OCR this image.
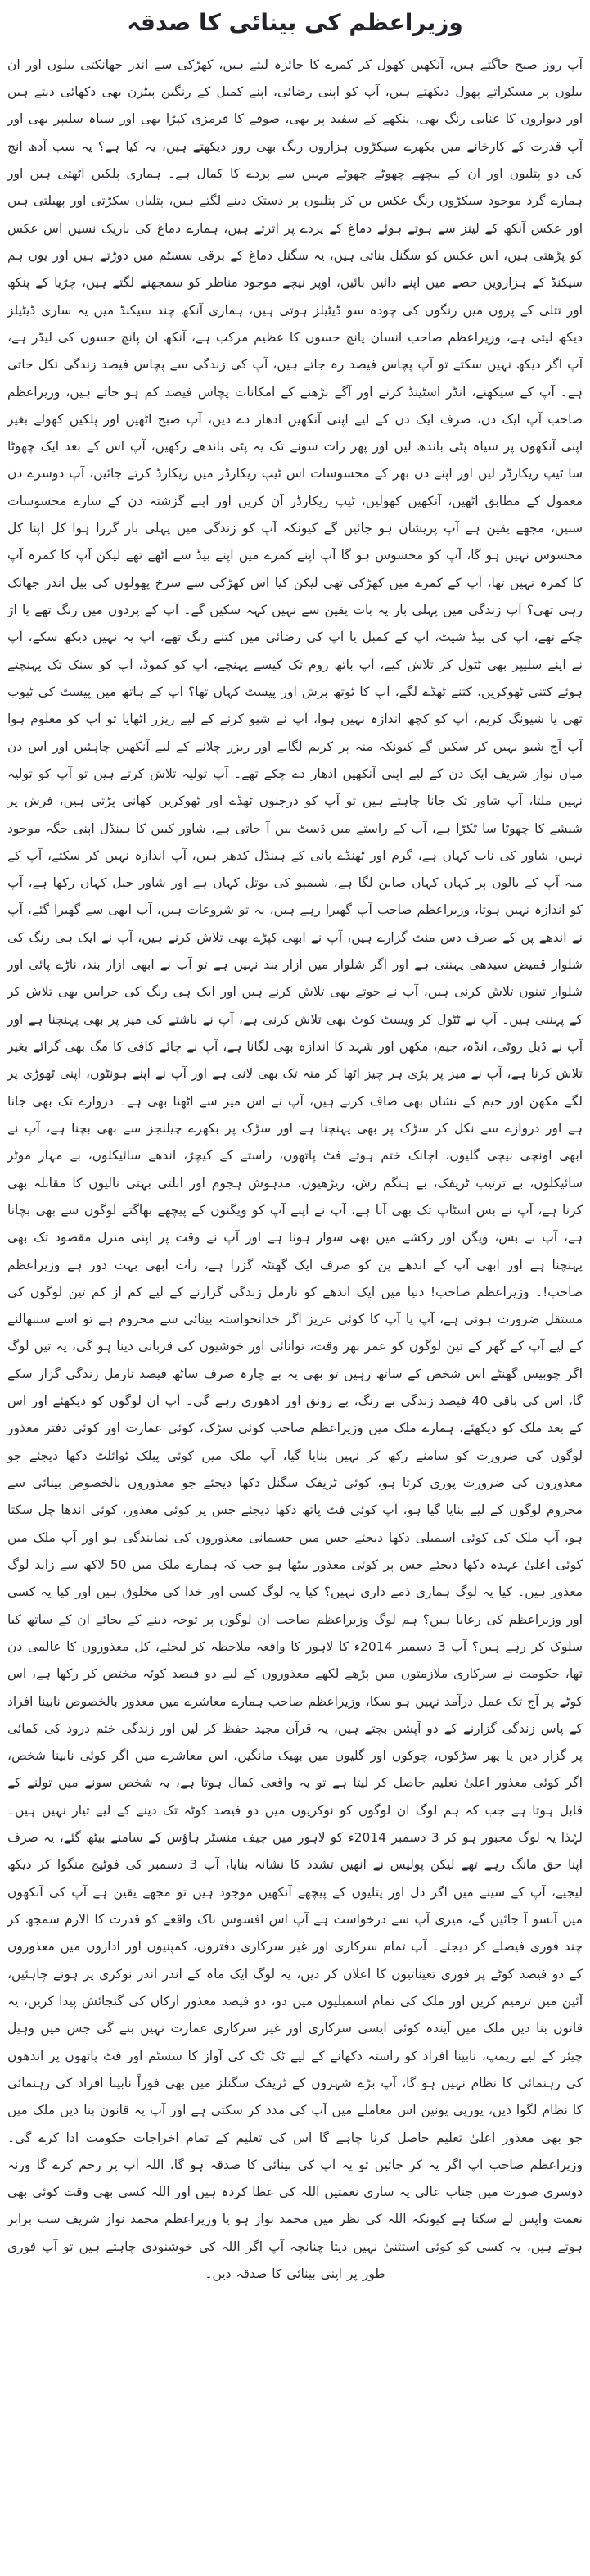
وزیراعظم کی بینائی کا صدقہ
آپ روز صبح جاگتے ہیں، آنکھیں کھول کر کمرے کا جائزہ لیتے ہیں، کھڑکی سے اندر جھانکتی بیلوں اور ان بیلوں پر مسکراتے پھول دیکھتے ہیں، آپ کو اپنی رضائی، اپنے کمبل کے رنگین پیٹرن بھی دکھائی دیتے ہیں اور دیواروں کا عنابی رنگ بھی، پنکھے کے سفید پر بھی، صوفے کا قرمزی کپڑا بھی اور سیاہ سلیپر بھی اور آپ قدرت کے کارخانے میں بکھرے سیکڑوں ہزاروں رنگ بھی روز دیکھتے ہیں، یہ کیا ہے؟ یہ سب آدھ انچ کی دو پتلیوں اور ان کے پیچھے چھوٹے چھوٹے مہین سے پردے کا کمال ہے۔ ہماری پلکیں اٹھتی ہیں اور ہمارے گرد موجود سیکڑوں رنگ عکس بن کر پتلیوں پر دستک دینے لگتے ہیں، پتلیاں سکڑتی اور پھیلتی ہیں اور عکس آنکھ کے لینز سے ہوتے ہوئے دماغ کے پردے پر اترتے ہیں، ہمارے دماغ کی باریک نسیں اس عکس کو پڑھتی ہیں، اس عکس کو سگنل بناتی ہیں، یہ سگنل دماغ کے برقی سسٹم میں دوڑتے ہیں اور یوں ہم سیکنڈ کے ہزارویں حصے میں اپنے دائیں بائیں، اوپر نیچے موجود مناظر کو سمجھنے لگتے ہیں، چڑیا کے پنکھ اور تتلی کے پروں میں رنگوں کی چودہ سو ڈیٹیلز ہوتی ہیں، ہماری آنکھ چند سیکنڈ میں یہ ساری ڈیٹیلز دیکھ لیتی ہے، وزیراعظم صاحب انسان پانچ حسوں کا عظیم مرکب ہے، آنکھ ان پانچ حسوں کی لیڈر ہے، آپ اگر دیکھ نہیں سکتے تو آپ پچاس فیصد رہ جاتے ہیں، آپ کی زندگی سے پچاس فیصد زندگی نکل جاتی ہے۔ آپ کے سیکھنے، انڈر اسٹینڈ کرنے اور آگے بڑھنے کے امکانات پچاس فیصد کم ہو جاتے ہیں، وزیراعظم صاحب آپ ایک دن، صرف ایک دن کے لیے اپنی آنکھیں ادھار دے دیں، آپ صبح اٹھیں اور پلکیں کھولے بغیر اپنی آنکھوں پر سیاہ پٹی باندھ لیں اور پھر رات سونے تک یہ پٹی باندھے رکھیں، آپ اس کے بعد ایک چھوٹا سا ٹیپ ریکارڈر لیں اور اپنے دن بھر کے محسوسات اس ٹیپ ریکارڈر میں ریکارڈ کرتے جائیں، آپ دوسرے دن معمول کے مطابق اٹھیں، آنکھیں کھولیں، ٹیپ ریکارڈر آن کریں اور اپنے گزشتہ دن کے سارے محسوسات سنیں، مجھے یقین ہے آپ پریشان ہو جائیں گے کیونکہ آپ کو زندگی میں پہلی بار گزرا ہوا کل اپنا کل محسوس نہیں ہو گا، آپ کو محسوس ہو گا آپ اپنے کمرے میں اپنے بیڈ سے اٹھے تھے لیکن آپ کا کمرہ آپ کا کمرہ نہیں تھا، آپ کے کمرے میں کھڑکی تھی لیکن کیا اس کھڑکی سے سرخ پھولوں کی بیل اندر جھانک رہی تھی؟ آپ زندگی میں پہلی بار یہ بات یقین سے نہیں کہہ سکیں گے۔ آپ کے پردوں میں رنگ تھے یا اڑ چکے تھے، آپ کی بیڈ شیٹ، آپ کے کمبل یا آپ کی رضائی میں کتنے رنگ تھے، آپ یہ نہیں دیکھ سکے، آپ نے اپنے سلیپر بھی ٹٹول کر تلاش کیے، آپ باتھ روم تک کیسے پہنچے، آپ کو کموڈ، آپ کو سنک تک پہنچتے ہوئے کتنی ٹھوکریں، کتنے ٹھڈے لگے، آپ کا ٹوتھ برش اور پیسٹ کہاں تھا؟ آپ کے ہاتھ میں پیسٹ کی ٹیوب تھی یا شیونگ کریم، آپ کو کچھ اندازہ نہیں ہوا، آپ نے شیو کرنے کے لیے ریزر اٹھایا تو آپ کو معلوم ہوا آپ آج شیو نہیں کر سکیں گے کیونکہ منہ پر کریم لگانے اور ریزر چلانے کے لیے آنکھیں چاہئیں اور اس دن میاں نواز شریف ایک دن کے لیے اپنی آنکھیں ادھار دے چکے تھے۔ آپ تولیہ تلاش کرتے ہیں تو آپ کو تولیہ نہیں ملتا، آپ شاور تک جانا چاہتے ہیں تو آپ کو درجنوں ٹھڈے اور ٹھوکریں کھانی پڑتی ہیں، فرش پر شیشے کا چھوٹا سا ٹکڑا ہے، آپ کے راستے میں ڈسٹ بین آ جاتی ہے، شاور کیبن کا ہینڈل اپنی جگہ موجود نہیں، شاور کی ناب کہاں ہے، گرم اور ٹھنڈے پانی کے ہینڈل کدھر ہیں، آپ اندازہ نہیں کر سکتے، آپ کے منہ آپ کے بالوں پر کہاں کہاں صابن لگا ہے، شیمپو کی بوتل کہاں ہے اور شاور جیل کہاں رکھا ہے، آپ کو اندازہ نہیں ہوتا، وزیراعظم صاحب آپ گھبرا رہے ہیں، یہ تو شروعات ہیں، آپ ابھی سے گھبرا گئے، آپ نے اندھے پن کے صرف دس منٹ گزارے ہیں، آپ نے ابھی کپڑے بھی تلاش کرنے ہیں، آپ نے ایک ہی رنگ کی شلوار قمیض سیدھی پہننی ہے اور اگر شلوار میں ازار بند نہیں ہے تو آپ نے ابھی ازار بند، ناڑے پائی اور شلوار تینوں تلاش کرنی ہیں، آپ نے جوتے بھی تلاش کرنے ہیں اور ایک ہی رنگ کی جرابیں بھی تلاش کر کے پہننی ہیں۔ آپ نے ٹٹول کر ویسٹ کوٹ بھی تلاش کرنی ہے، آپ نے ناشتے کی میز پر بھی پہنچنا ہے اور آپ نے ڈبل روٹی، انڈہ، جیم، مکھن اور شہد کا اندازہ بھی لگانا ہے، آپ نے چائے کافی کا مگ بھی گرائے بغیر تلاش کرنا ہے، آپ نے میز پر پڑی ہر چیز اٹھا کر منہ تک بھی لانی ہے اور آپ نے اپنے ہونٹوں، اپنی ٹھوڑی پر لگے مکھن اور جیم کے نشان بھی صاف کرنے ہیں، آپ نے اس میز سے اٹھنا بھی ہے۔ دروازے تک بھی جانا ہے اور دروازے سے نکل کر سڑک پر بھی پہنچنا ہے اور سڑک پر بکھرے چیلنجز سے بھی بچنا ہے، آپ نے ابھی اونچی نیچی گلیوں، اچانک ختم ہوتے فٹ پاتھوں، راستے کے کیچڑ، اندھے سائیکلوں، بے مہار موٹر سائیکلوں، بے ترتیب ٹریفک، بے ہنگم رش، ریڑھیوں، مدہوش ہجوم اور ابلتی بہتی نالیوں کا مقابلہ بھی کرنا ہے، آپ نے بس اسٹاپ تک بھی آنا ہے، آپ نے اپنے آپ کو ویگنوں کے پیچھے بھاگتے لوگوں سے بھی بچانا ہے، آپ نے بس، ویگن اور رکشے میں بھی سوار ہونا ہے اور آپ نے وقت پر اپنی منزل مقصود تک بھی پہنچنا ہے اور ابھی آپ کے اندھے پن کو صرف ایک گھنٹہ گزرا ہے، رات ابھی بہت دور ہے وزیراعظم صاحب!۔ وزیراعظم صاحب! دنیا میں ایک اندھے کو نارمل زندگی گزارنے کے لیے کم از کم تین لوگوں کی مستقل ضرورت ہوتی ہے، آپ یا آپ کا کوئی عزیز اگر خدانخواستہ بینائی سے محروم ہے تو اسے سنبھالنے کے لیے آپ کے گھر کے تین لوگوں کو عمر بھر وقت، توانائی اور خوشیوں کی قربانی دینا ہو گی، یہ تین لوگ اگر چوبیس گھنٹے اس شخص کے ساتھ رہیں تو بھی یہ بے چارہ صرف ساٹھ فیصد نارمل زندگی گزار سکے گا، اس کی باقی 40 فیصد زندگی بے رنگ، بے رونق اور ادھوری رہے گی۔ آپ ان لوگوں کو دیکھئے اور اس کے بعد ملک کو دیکھئے، ہمارے ملک میں وزیراعظم صاحب کوئی سڑک، کوئی عمارت اور کوئی دفتر معذور لوگوں کی ضرورت کو سامنے رکھ کر نہیں بنایا گیا، آپ ملک میں کوئی پبلک ٹوائلٹ دکھا دیجئے جو معذوروں کی ضرورت پوری کرتا ہو، کوئی ٹریفک سگنل دکھا دیجئے جو معذوروں بالخصوص بینائی سے محروم لوگوں کے لیے بنایا گیا ہو، آپ کوئی فٹ پاتھ دکھا دیجئے جس پر کوئی معذور، کوئی اندھا چل سکتا ہو، آپ ملک کی کوئی اسمبلی دکھا دیجئے جس میں جسمانی معذوروں کی نمایندگی ہو اور آپ ملک میں کوئی اعلیٰ عہدہ دکھا دیجئے جس پر کوئی معذور بیٹھا ہو جب کہ ہمارے ملک میں 50 لاکھ سے زاید لوگ معذور ہیں۔ کیا یہ لوگ ہماری ذمے داری نہیں؟ کیا یہ لوگ کسی اور خدا کی مخلوق ہیں اور کیا یہ کسی اور وزیراعظم کی رعایا ہیں؟ ہم لوگ وزیراعظم صاحب ان لوگوں پر توجہ دینے کے بجائے ان کے ساتھ کیا سلوک کر رہے ہیں؟ آپ 3 دسمبر 2014ء کا لاہور کا واقعہ ملاحظہ کر لیجئے، کل معذوروں کا عالمی دن تھا، حکومت نے سرکاری ملازمتوں میں پڑھے لکھے معذوروں کے لیے دو فیصد کوٹہ مختص کر رکھا ہے، اس کوٹے پر آج تک عمل درآمد نہیں ہو سکا، وزیراعظم صاحب ہمارے معاشرے میں معذور بالخصوص نابینا افراد کے پاس زندگی گزارنے کے دو آپشن بچتے ہیں، یہ قرآن مجید حفظ کر لیں اور زندگی ختم درود کی کمائی پر گزار دیں یا پھر سڑکوں، چوکوں اور گلیوں میں بھیک مانگیں، اس معاشرے میں اگر کوئی نابینا شخص، اگر کوئی معذور اعلیٰ تعلیم حاصل کر لیتا ہے تو یہ واقعی کمال ہوتا ہے، یہ شخص سونے میں تولنے کے قابل ہوتا ہے جب کہ ہم لوگ ان لوگوں کو نوکریوں میں دو فیصد کوٹہ تک دینے کے لیے تیار نہیں ہیں۔ لہٰذا یہ لوگ مجبور ہو کر 3 دسمبر 2014ء کو لاہور میں چیف منسٹر ہاؤس کے سامنے بیٹھ گئے، یہ صرف اپنا حق مانگ رہے تھے لیکن پولیس نے انھیں تشدد کا نشانہ بنایا، آپ 3 دسمبر کی فوٹیج منگوا کر دیکھ لیجیے، آپ کے سینے میں اگر دل اور پتلیوں کے پیچھے آنکھیں موجود ہیں تو مجھے یقین ہے آپ کی آنکھوں میں آنسو آ جائیں گے، میری آپ سے درخواست ہے آپ اس افسوس ناک واقعے کو قدرت کا الارم سمجھ کر چند فوری فیصلے کر دیجئے۔ آپ تمام سرکاری اور غیر سرکاری دفتروں، کمپنیوں اور اداروں میں معذوروں کے دو فیصد کوٹے پر فوری تعیناتیوں کا اعلان کر دیں، یہ لوگ ایک ماہ کے اندر اندر نوکری پر ہونے چاہئیں، آئین میں ترمیم کریں اور ملک کی تمام اسمبلیوں میں دو، دو فیصد معذور ارکان کی گنجائش پیدا کریں، یہ قانون بنا دیں ملک میں آیندہ کوئی ایسی سرکاری اور غیر سرکاری عمارت نہیں بنے گی جس میں وہیل چیئر کے لیے ریمپ، نابینا افراد کو راستہ دکھانے کے لیے ٹک ٹک کی آواز کا سسٹم اور فٹ پاتھوں پر اندھوں کی رہنمائی کا نظام نہیں ہو گا، آپ بڑے شہروں کے ٹریفک سگنلز میں بھی فوراً نابینا افراد کی رہنمائی کا نظام لگوا دیں، یورپی یونین اس معاملے میں آپ کی مدد کر سکتی ہے اور آپ یہ قانون بنا دیں ملک میں جو بھی معذور اعلیٰ تعلیم حاصل کرنا چاہے گا اس کی تعلیم کے تمام اخراجات حکومت ادا کرے گی۔ وزیراعظم صاحب آپ اگر یہ کر جائیں تو یہ آپ کی بینائی کا صدقہ ہو گا، اللہ آپ پر رحم کرے گا ورنہ دوسری صورت میں جناب عالی یہ ساری نعمتیں اللہ کی عطا کردہ ہیں اور اللہ کسی بھی وقت کوئی بھی نعمت واپس لے سکتا ہے کیونکہ اللہ کی نظر میں محمد نواز ہو یا وزیراعظم محمد نواز شریف سب برابر ہوتے ہیں، یہ کسی کو کوئی استثنیٰ نہیں دیتا چنانچہ آپ اگر اللہ کی خوشنودی چاہتے ہیں تو آپ فوری طور پر اپنی بینائی کا صدقہ دیں۔
